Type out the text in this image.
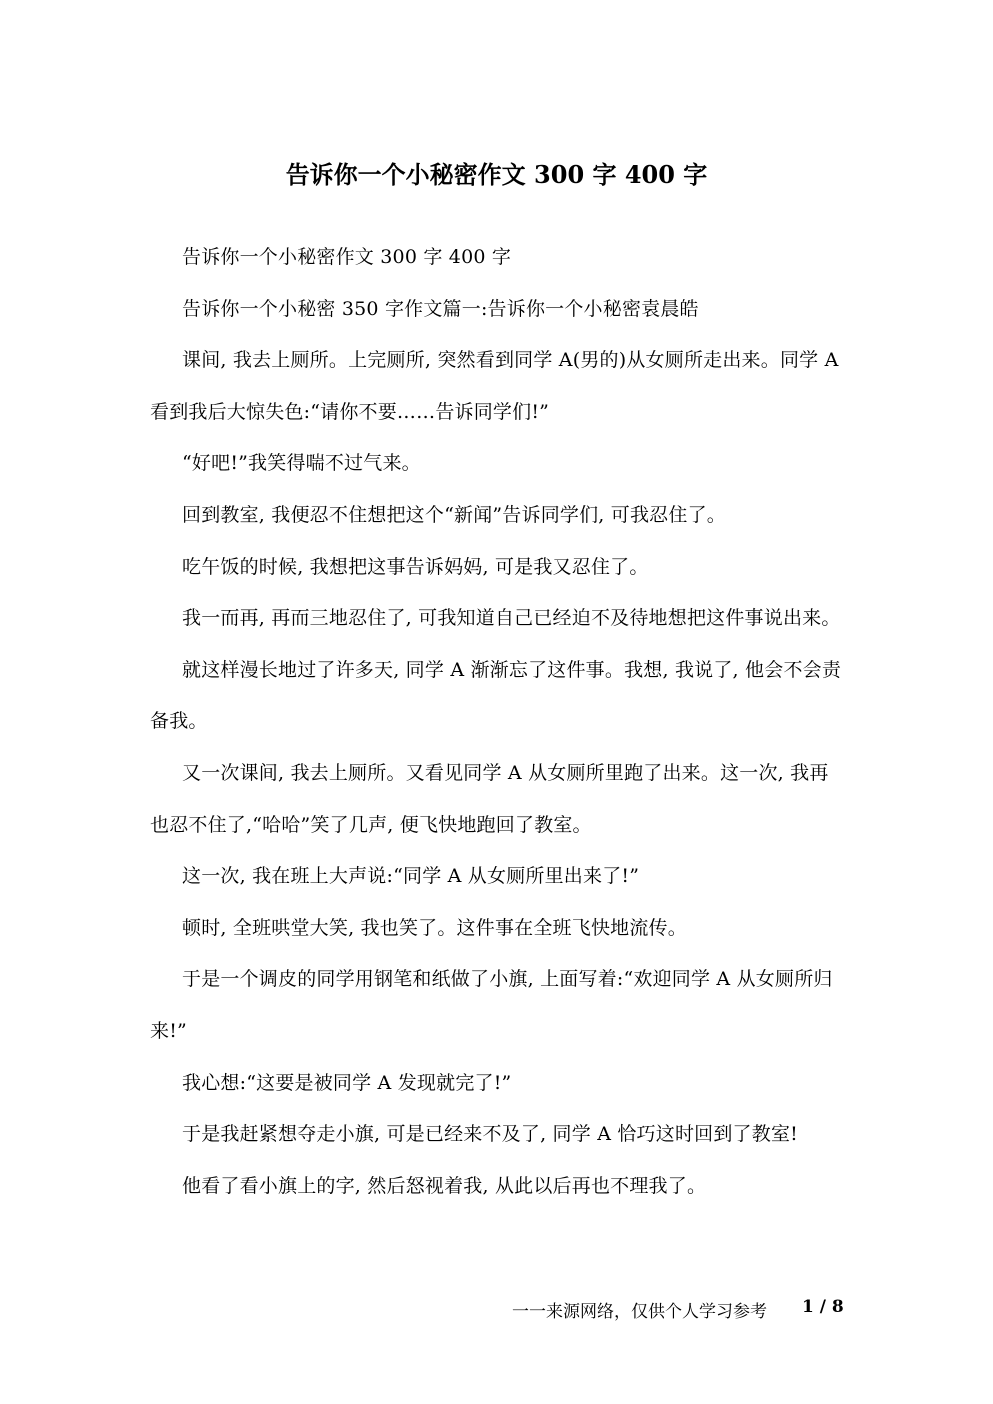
告诉你一个小秘密作文 300 字 400 字

告诉你一个小秘密作文 300 字 400 字

告诉你一个小秘密 350 字作文篇一:告诉你一个小秘密袁晨皓

课间, 我去上厕所。上完厕所, 突然看到同学 A(男的)从女厕所走出来。同学 A 看到我后大惊失色:“请你不要……告诉同学们!”

“好吧!”我笑得喘不过气来。

回到教室, 我便忍不住想把这个“新闻”告诉同学们, 可我忍住了。

吃午饭的时候, 我想把这事告诉妈妈, 可是我又忍住了。

我一而再, 再而三地忍住了, 可我知道自己已经迫不及待地想把这件事说出来。

就这样漫长地过了许多天, 同学 A 渐渐忘了这件事。我想, 我说了, 他会不会责备我。

又一次课间, 我去上厕所。又看见同学 A 从女厕所里跑了出来。这一次, 我再也忍不住了,“哈哈”笑了几声, 便飞快地跑回了教室。

这一次, 我在班上大声说:“同学 A 从女厕所里出来了!”

顿时, 全班哄堂大笑, 我也笑了。这件事在全班飞快地流传。

于是一个调皮的同学用钢笔和纸做了小旗, 上面写着:“欢迎同学 A 从女厕所归来!”

我心想:“这要是被同学 A 发现就完了!”

于是我赶紧想夺走小旗, 可是已经来不及了, 同学 A 恰巧这时回到了教室!

他看了看小旗上的字, 然后怒视着我, 从此以后再也不理我了。

一一来源网络，仅供个人学习参考 1 / 8
